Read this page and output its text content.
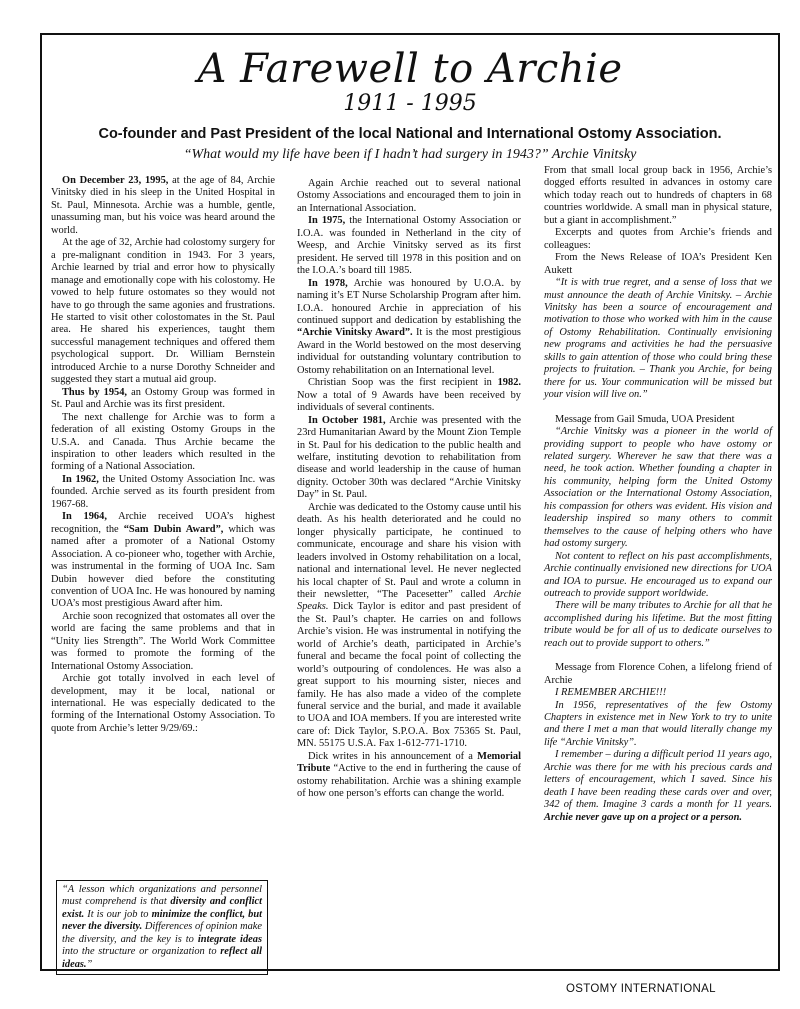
A Farewell to Archie
1911 - 1995
Co-founder and Past President of the local National and International Ostomy Association.
“What would my life have been if I hadn’t had surgery in 1943?” Archie Vinitsky

On December 23, 1995, at the age of 84, Archie Vinitsky died in his sleep in the United Hospital in St. Paul, Minnesota. Archie was a humble, gentle, unassuming man, but his voice was heard around the world.

At the age of 32, Archie had colostomy surgery for a pre-malignant condition in 1943. For 3 years, Archie learned by trial and error how to physically manage and emotionally cope with his colostomy. He vowed to help future ostomates so they would not have to go through the same agonies and frustrations. He started to visit other colostomates in the St. Paul area. He shared his experiences, taught them successful management techniques and offered them psychological support. Dr. William Bernstein introduced Archie to a nurse Dorothy Schneider and suggested they start a mutual aid group.

Thus by 1954, an Ostomy Group was formed in St. Paul and Archie was its first president.

The next challenge for Archie was to form a federation of all existing Ostomy Groups in the U.S.A. and Canada. Thus Archie became the inspiration to other leaders which resulted in the forming of a National Association.

In 1962, the United Ostomy Association Inc. was founded. Archie served as its fourth president from 1967-68.

In 1964, Archie received UOA’s highest recognition, the “Sam Dubin Award”, which was named after a promoter of a National Ostomy Association. A co-pioneer who, together with Archie, was instrumental in the forming of UOA Inc. Sam Dubin however died before the constituting convention of UOA Inc. He was honoured by naming UOA’s most prestigious Award after him.

Archie soon recognized that ostomates all over the world are facing the same problems and that in “Unity lies Strength”. The World Work Committee was formed to promote the forming of the International Ostomy Association.

Archie got totally involved in each level of development, may it be local, national or international. He was especially dedicated to the forming of the International Ostomy Association. To quote from Archie’s letter 9/29/69.:

“A lesson which organizations and personnel must comprehend is that diversity and conflict exist. It is our job to minimize the conflict, but never the diversity. Differences of opinion make the diversity, and the key is to integrate ideas into the structure or organization to reflect all ideas.”

Again Archie reached out to several national Ostomy Associations and encouraged them to join in an International Association.

In 1975, the International Ostomy Association or I.O.A. was founded in Netherland in the city of Weesp, and Archie Vinitsky served as its first president. He served till 1978 in this position and on the I.O.A.’s board till 1985.

In 1978, Archie was honoured by U.O.A. by naming it’s ET Nurse Scholarship Program after him. I.O.A. honoured Archie in appreciation of his continued support and dedication by establishing the “Archie Vinitsky Award”. It is the most prestigious Award in the World bestowed on the most deserving individual for outstanding voluntary contribution to Ostomy rehabilitation on an International level.

Christian Soop was the first recipient in 1982. Now a total of 9 Awards have been received by individuals of several continents.

In October 1981, Archie was presented with the 23rd Humanitarian Award by the Mount Zion Temple in St. Paul for his dedication to the public health and welfare, instituting devotion to rehabilitation from disease and world leadership in the cause of human dignity. October 30th was declared “Archie Vinitsky Day” in St. Paul.

Archie was dedicated to the Ostomy cause until his death. As his health deteriorated and he could no longer physically participate, he continued to communicate, encourage and share his vision with leaders involved in Ostomy rehabilitation on a local, national and international level. He never neglected his local chapter of St. Paul and wrote a column in their newsletter, “The Pacesetter” called Archie Speaks. Dick Taylor is editor and past president of the St. Paul’s chapter. He carries on and follows Archie’s vision. He was instrumental in notifying the world of Archie’s death, participated in Archie’s funeral and became the focal point of collecting the world’s outpouring of condolences. He was also a great support to his mourning sister, nieces and family. He has also made a video of the complete funeral service and the burial, and made it available to UOA and IOA members. If you are interested write care of: Dick Taylor, S.P.O.A. Box 75365 St. Paul, MN. 55175 U.S.A. Fax 1-612-771-1710.

Dick writes in his announcement of a Memorial Tribute “Active to the end in furthering the cause of ostomy rehabilitation. Archie was a shining example of how one person’s efforts can change the world.

From that small local group back in 1956, Archie’s dogged efforts resulted in advances in ostomy care which today reach out to hundreds of chapters in 68 countries worldwide. A small man in physical stature, but a giant in accomplishment.”

Excerpts and quotes from Archie’s friends and colleagues:

From the News Release of IOA’s President Ken Aukett

“It is with true regret, and a sense of loss that we must announce the death of Archie Vinitsky. – Archie Vinitsky has been a source of encouragement and motivation to those who worked with him in the cause of Ostomy Rehabilitation. Continually envisioning new programs and activities he had the persuasive skills to gain attention of those who could bring these projects to fruitation. – Thank you Archie, for being there for us. Your communication will be missed but your vision will live on.”

Message from Gail Smuda, UOA President

“Archie Vinitsky was a pioneer in the world of providing support to people who have ostomy or related surgery. Wherever he saw that there was a need, he took action. Whether founding a chapter in his community, helping form the United Ostomy Association or the International Ostomy Association, his compassion for others was evident. His vision and leadership inspired so many others to commit themselves to the cause of helping others who have had ostomy surgery.

Not content to reflect on his past accomplishments, Archie continually envisioned new directions for UOA and IOA to pursue. He encouraged us to expand our outreach to provide support worldwide.

There will be many tributes to Archie for all that he accomplished during his lifetime. But the most fitting tribute would be for all of us to dedicate ourselves to reach out to provide support to others.”

Message from Florence Cohen, a lifelong friend of Archie

I REMEMBER ARCHIE!!!

In 1956, representatives of the few Ostomy Chapters in existence met in New York to try to unite and there I met a man that would literally change my life “Archie Vinitsky”.

I remember – during a difficult period 11 years ago, Archie was there for me with his precious cards and letters of encouragement, which I saved. Since his death I have been reading these cards over and over, 342 of them. Imagine 3 cards a month for 11 years. Archie never gave up on a project or a person.

OSTOMY INTERNATIONAL
